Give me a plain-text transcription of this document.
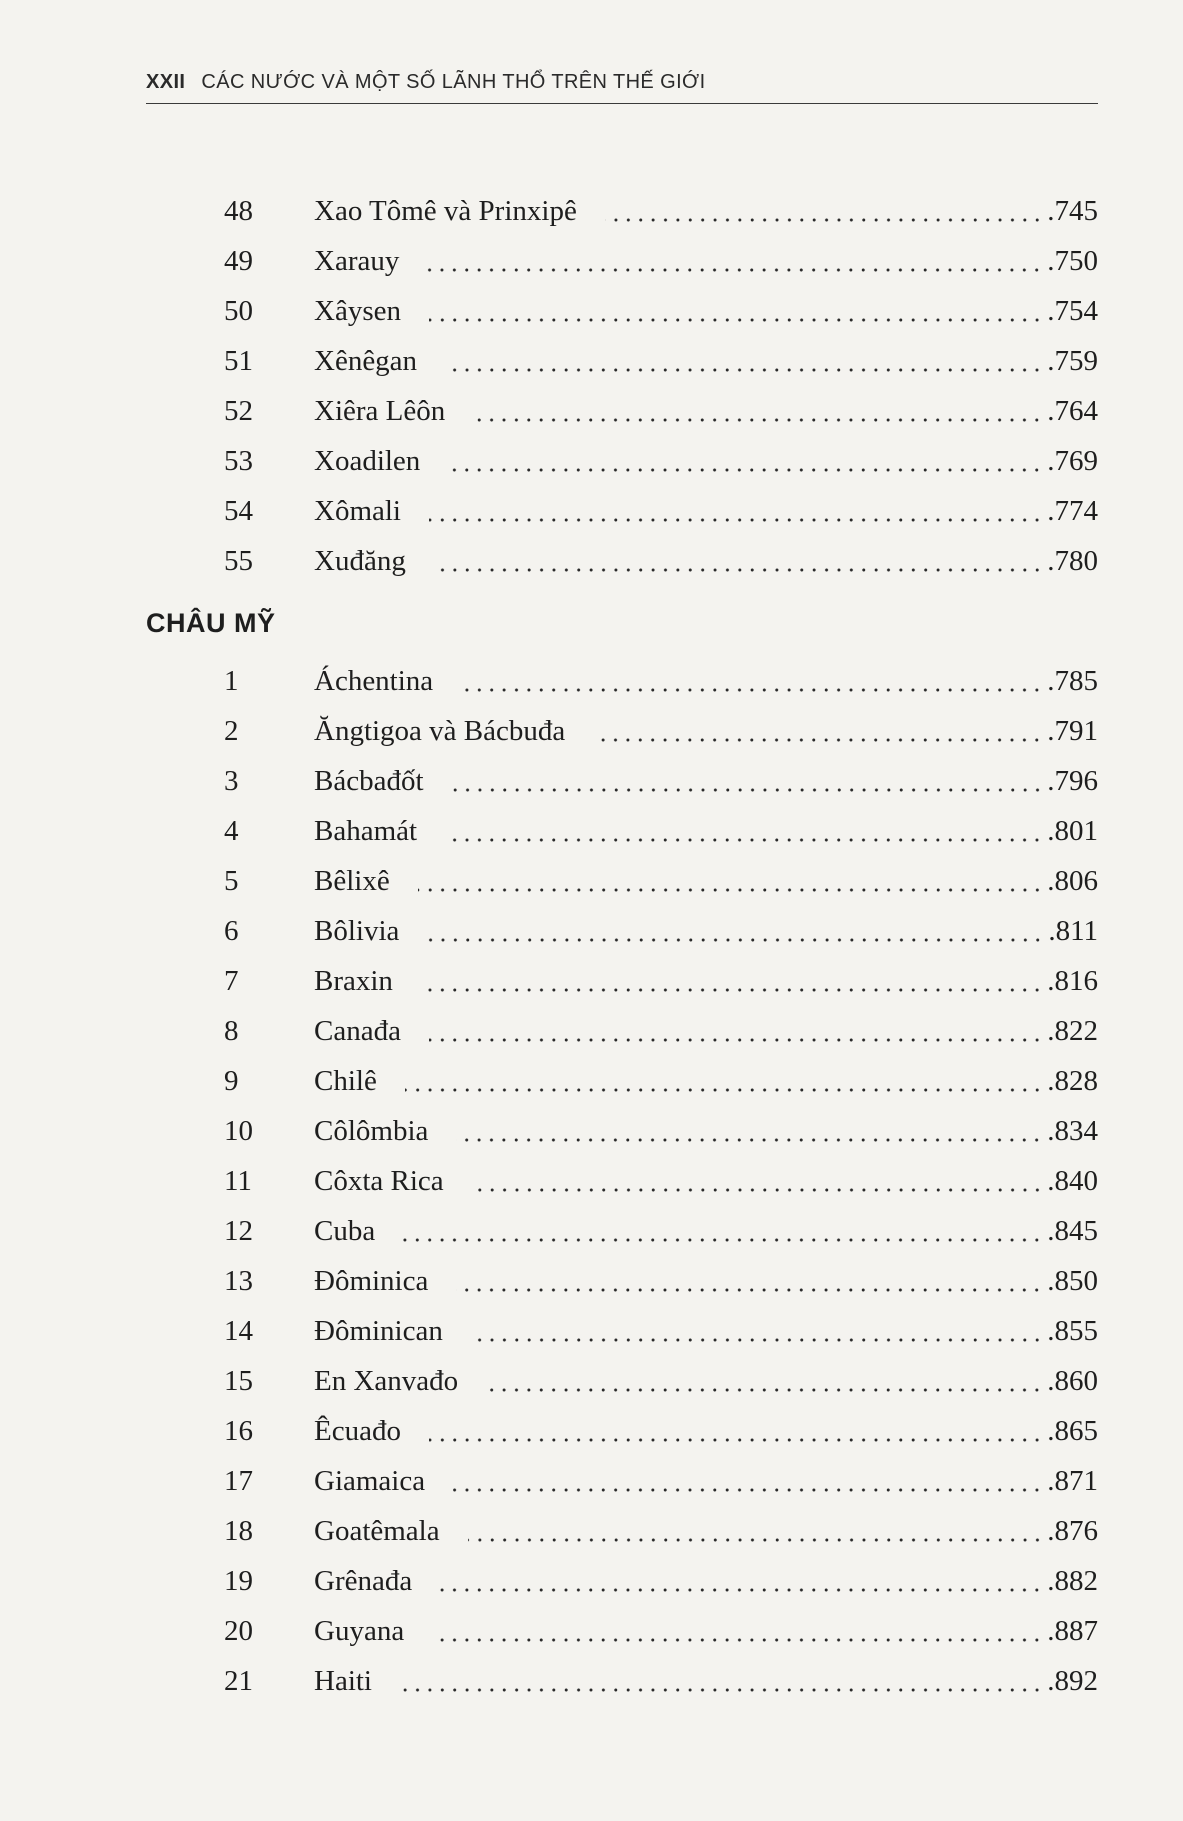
XXII CÁC NƯỚC VÀ MỘT SỐ LÃNH THỔ TRÊN THẾ GIỚI
48	Xao Tômê và Prinxipê	.745
49	Xarauy	.750
50	Xâysen	.754
51	Xênêgan	.759
52	Xiêra Lêôn	.764
53	Xoadilen	.769
54	Xômali	.774
55	Xuđăng	.780
CHÂU MỸ
1	Áchentina	.785
2	Ăngtigoa và Bácbuđa	.791
3	Bácbađốt	.796
4	Bahamát	.801
5	Bêlixê	.806
6	Bôlivia	.811
7	Braxin	.816
8	Canađa	.822
9	Chilê	.828
10	Côlômbia	.834
11	Côxta Rica	.840
12	Cuba	.845
13	Đôminica	.850
14	Đôminican	.855
15	En Xanvađo	.860
16	Êcuađo	.865
17	Giamaica	.871
18	Goatêmala	.876
19	Grênađa	.882
20	Guyana	.887
21	Haiti	.892
